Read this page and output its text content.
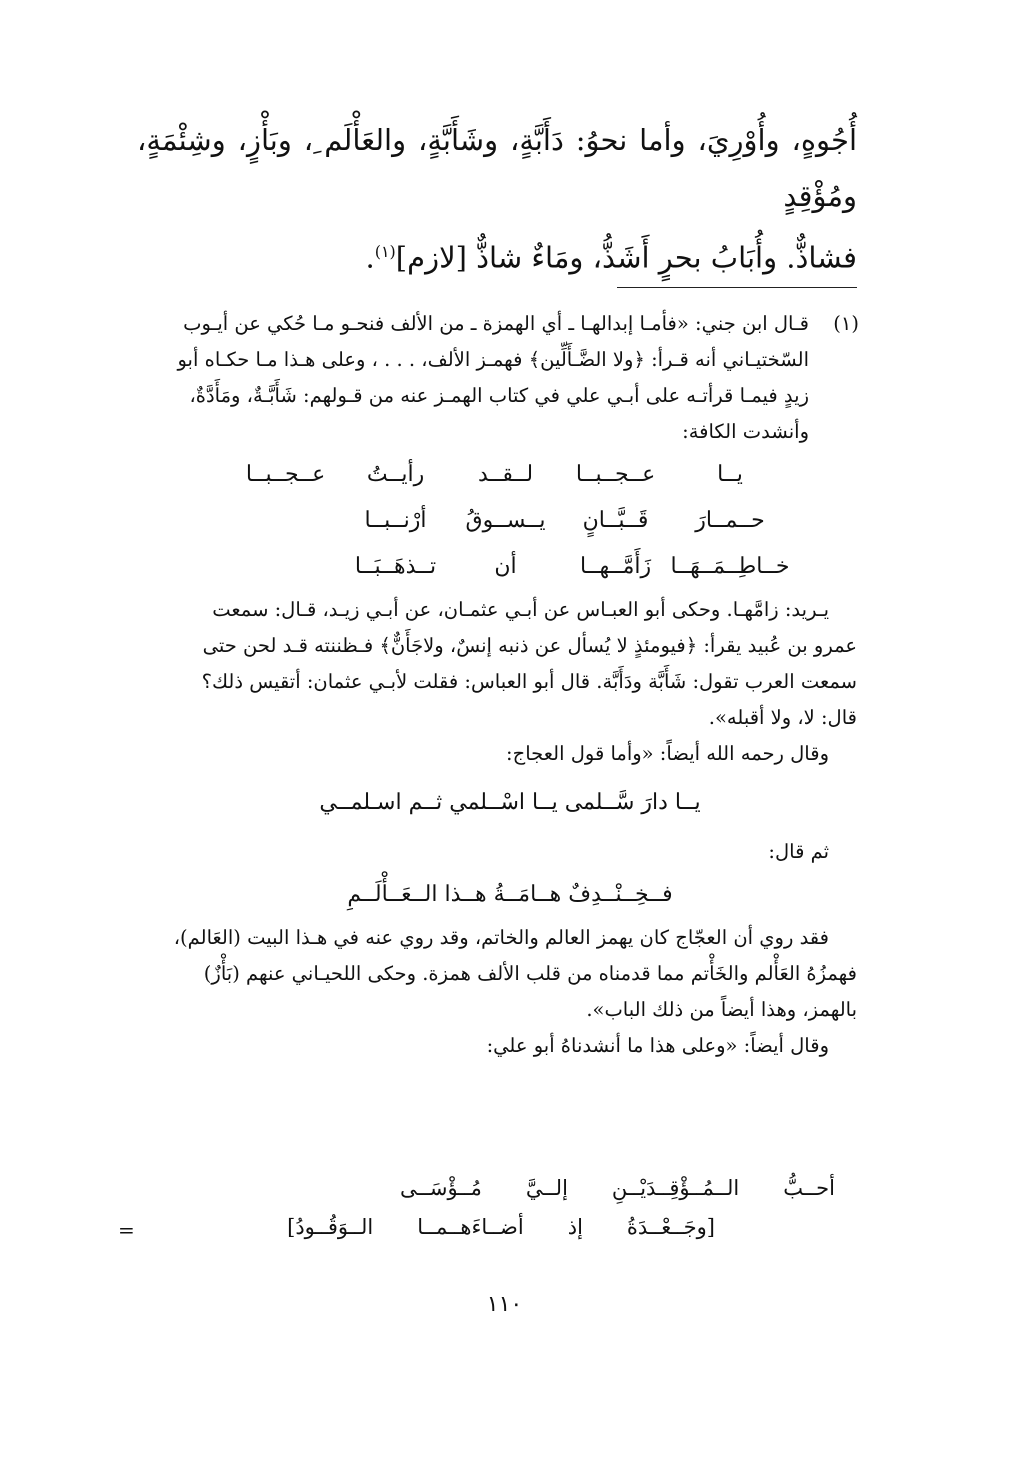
أُجُوهٍ، وأُوْرِيَ، وأما نحوُ: دَأَبَّةٍ، وشَأَبَّةٍ، والعَأْلَم ِ، وبَأْزٍ، وشِئْمَةٍ، ومُؤْقِدٍ

فشاذٌّ. وأُبَابُ بحرٍ أَشَذُّ، ومَاءٌ شاذٌّ [لازم]$^{(١)}$.

(١)

قـال ابن جني: «فأمـا إبدالهـا ـ أي الهمزة ـ من الألف فنحـو مـا حُكي عن أيـوب السّختيـاني أنه قـرأ: ﴿ولا الضَّـأَلِّين﴾ فهمـز الألف، . . . ، وعلى هـذا مـا حكـاه أبو زيدٍ فيمـا قرأتـه على أبـي علي في كتاب الهمـز عنه من قـولهم: شَأَبَّـةٌ، ومَأَدَّةٌ، وأنشدت الكافة:

يــا	عــجــبــا	لــقــد	رأيــتُ	عــجــبــا
حــمــارَ	قَــبَّــانٍ	يــســوقُ	أرْنــبــا	
خــاطِــمَــهَــا	زَأَمَّــهــا	أن	تــذهَــبَــا	

يـريد: زامَّهـا. وحكى أبو العبـاس عن أبـي عثمـان، عن أبـي زيـد، قـال: سمعت عمرو بن عُبيد يقرأ: ﴿فيومئذٍ لا يُسأل عن ذنبه إنسٌ، ولاجَأَنٌّ﴾ فـظننته قـد لحن حتى سمعت العرب تقول: شَأَبَّة ودَأَبَّة. قال أبو العباس: فقلت لأبـي عثمان: أتقيس ذلك؟ قال: لا، ولا أقبله».

وقال رحمه الله أيضاً: «وأما قول العجاج:

يــا دارَ سَّــلمى يــا اسْــلمي ثــم اسـلمــي

ثم قال:

فــخِــنْــدِفٌ هــامَــةُ هــذا الــعَــأْلَــمِ

فقد روي أن العجّاج كان يهمز العالم والخاتم، وقد روي عنه في هـذا البيت (العَالم)، فهمزُهُ العَأْلم والخَأْتم مما قدمناه من قلب الألف همزة. وحكى اللحيـاني عنهم (بَأْزٌ) بالهمز، وهذا أيضاً من ذلك الباب».

وقال أيضاً: «وعلى هذا ما أنشدناهُ أبو علي:

أحــبُّ	الــمُــؤْقِــدَيْــنِ	إلــيَّ	مُــؤْسَــى
[وجَــعْــدَةُ	إذ	أضــاءَهــمــا	الــوَقُــودُ]
=
١١٠
